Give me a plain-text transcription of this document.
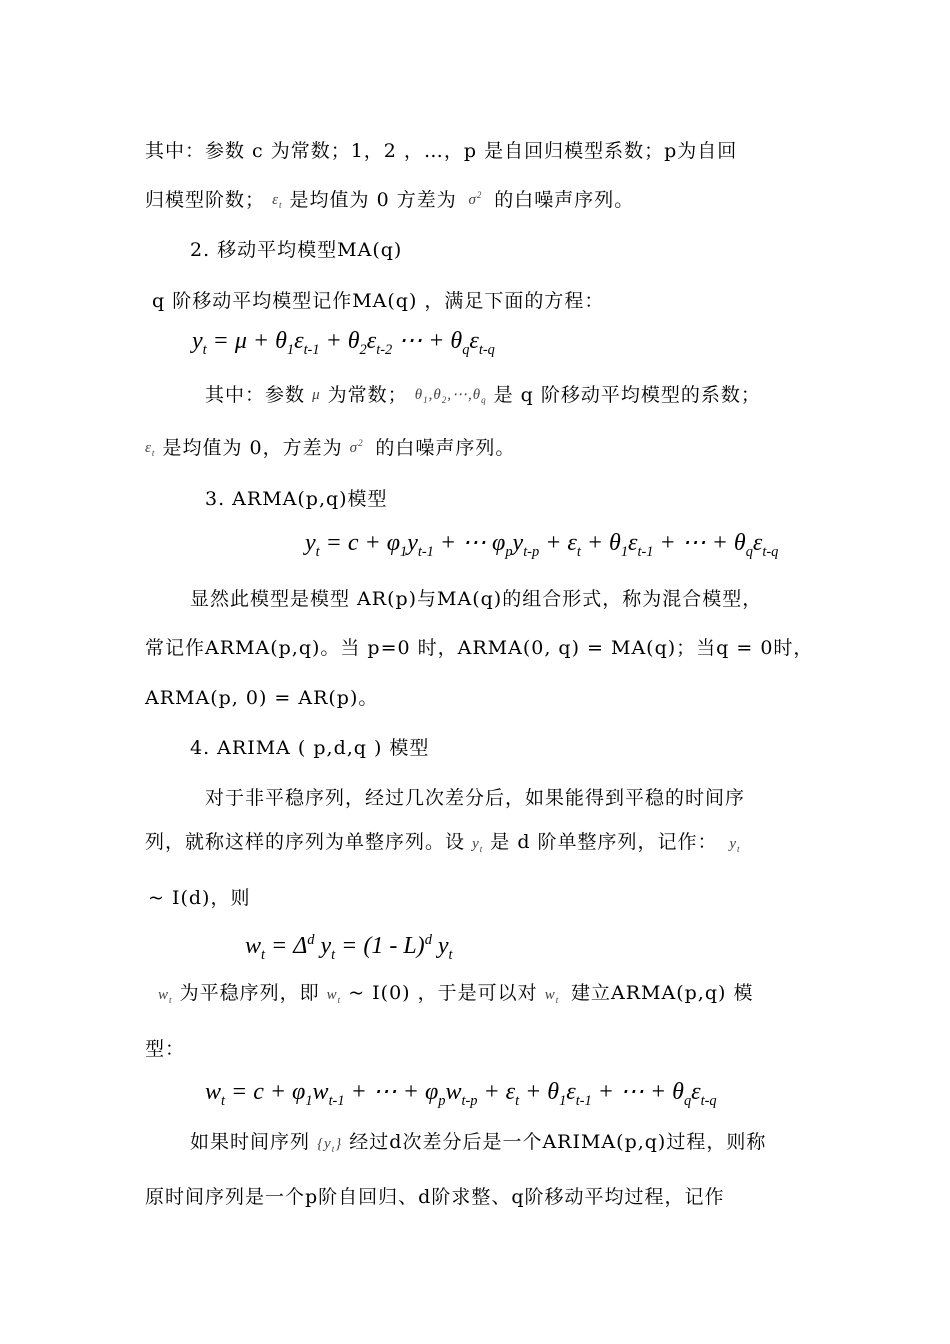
其中：参数 c 为常数；1，2 ，…，p 是自回归模型系数；p为自回
归模型阶数； $\varepsilon_t$ 是均值为 0 方差为  $\sigma^2$ 的白噪声序列。
2. 移动平均模型MA(q)
q 阶移动平均模型记作MA(q) ，满足下面的方程：
$y_t = \mu + \theta_1\varepsilon_{t-1} + \theta_2\varepsilon_{t-2}$ ⋯ + $\theta_q\varepsilon_{t-q}$
其中：参数 μ 为常数； $\theta_1,\theta_2,\cdots,\theta_q$ 是 q 阶移动平均模型的系数；
$\varepsilon_t$ 是均值为 0，方差为 $\sigma^2$ 的白噪声序列。
3. ARMA(p,q)模型
$y_t = c + \varphi_1y_{t-1}$ + ⋯ $\varphi_py_{t-p} + \varepsilon_t + \theta_1\varepsilon_{t-1}$ + ⋯ + $\theta_q\varepsilon_{t-q}$
显然此模型是模型 AR(p)与MA(q)的组合形式，称为混合模型，
常记作ARMA(p,q)。当 p=0 时，ARMA(0, q) = MA(q)；当q = 0时，
ARMA(p, 0) = AR(p)。
4. ARIMA ( p,d,q ) 模型
对于非平稳序列，经过几次差分后，如果能得到平稳的时间序
列，就称这样的序列为单整序列。设 $y_t$ 是 d 阶单整序列，记作：  $y_t$
~ I(d)，则
$w_t = \Delta^d$ $y_t = (1 - L)^d$ $y_t$
$w_t$ 为平稳序列，即 $w_t$ ~ I(0) ，于是可以对 $w_t$ 建立ARMA(p,q) 模
型：
$w_t = c + \varphi_1w_{t-1}$ + ⋯ + $\varphi_pw_{t-p} + \varepsilon_t + \theta_1\varepsilon_{t-1}$ + ⋯ + $\theta_q\varepsilon_{t-q}$
如果时间序列 $\{y_t\}$ 经过d次差分后是一个ARIMA(p,q)过程，则称
原时间序列是一个p阶自回归、d阶求整、q阶移动平均过程，记作
